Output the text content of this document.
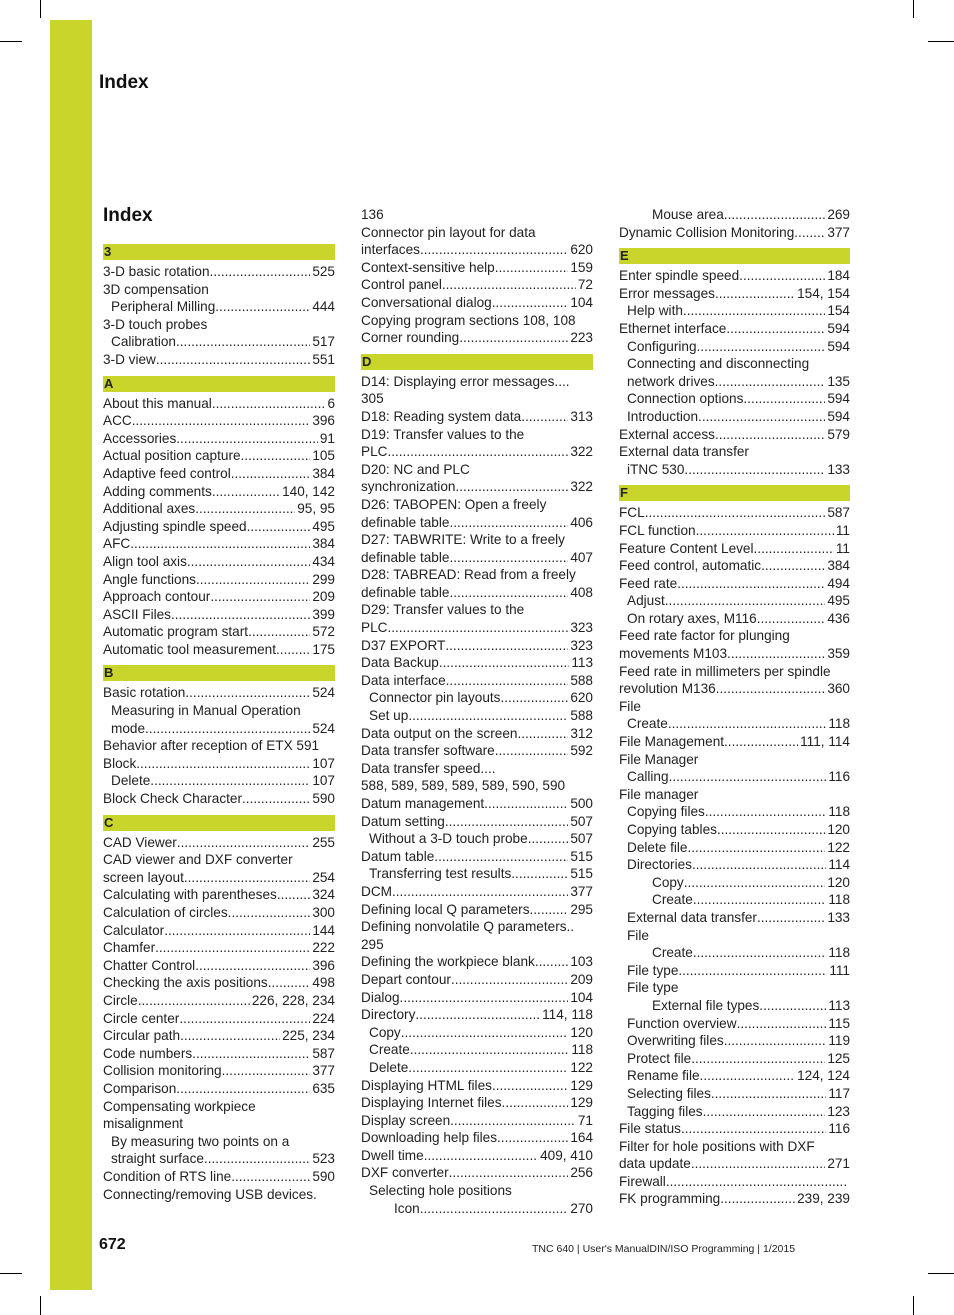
Index
Index
3
3-D basic rotation .....	525
3D compensation
Peripheral Milling .....	444
3-D touch probes
Calibration .....	517
3-D view .....	551
A
About this manual .....	6
ACC .....	396
Accessories .....	91
Actual position capture .....	105
Adaptive feed control .....	384
Adding comments .....	140, 142
Additional axes .....	95, 95
Adjusting spindle speed .....	495
AFC .....	384
Align tool axis .....	434
Angle functions .....	299
Approach contour .....	209
ASCII Files .....	399
Automatic program start .....	572
Automatic tool measurement .....	175
B
Basic rotation .....	524
Measuring in Manual Operation
mode .....	524
Behavior after reception of ETX 591
Block .....	107
Delete .....	107
Block Check Character .....	590
C
CAD Viewer .....	255
CAD viewer and DXF converter
screen layout .....	254
Calculating with parentheses .....	324
Calculation of circles .....	300
Calculator .....	144
Chamfer .....	222
Chatter Control .....	396
Checking the axis positions .....	498
Circle .....	226, 228, 234
Circle center .....	224
Circular path .....	225, 234
Code numbers .....	587
Collision monitoring .....	377
Comparison .....	635
Compensating workpiece
misalignment
By measuring two points on a
straight surface .....	523
Condition of RTS line .....	590
Connecting/removing USB devices.
136
Connector pin layout for data
interfaces .....	620
Context-sensitive help .....	159
Control panel .....	72
Conversational dialog .....	104
Copying program sections 108, 108
Corner rounding .....	223
D
D14: Displaying error messages....
305
D18: Reading system data .....	313
D19: Transfer values to the
PLC .....	322
D20: NC and PLC
synchronization .....	322
D26: TABOPEN: Open a freely
definable table .....	406
D27: TABWRITE: Write to a freely
definable table .....	407
D28: TABREAD: Read from a freely
definable table .....	408
D29: Transfer values to the
PLC .....	323
D37 EXPORT .....	323
Data Backup .....	113
Data interface .....	588
Connector pin layouts .....	620
Set up .....	588
Data output on the screen .....	312
Data transfer software .....	592
Data transfer speed....
588, 589, 589, 589, 589, 590, 590
Datum management .....	500
Datum setting .....	507
Without a 3-D touch probe .....	507
Datum table .....	515
Transferring test results .....	515
DCM .....	377
Defining local Q parameters .....	295
Defining nonvolatile Q parameters..
295
Defining the workpiece blank .....	103
Depart contour .....	209
Dialog .....	104
Directory .....	114, 118
Copy .....	120
Create .....	118
Delete .....	122
Displaying HTML files .....	129
Displaying Internet files .....	129
Display screen .....	71
Downloading help files .....	164
Dwell time .....	409, 410
DXF converter .....	256
Selecting hole positions
Icon .....	270
Mouse area .....	269
Dynamic Collision Monitoring ..... 377
E
Enter spindle speed .....	184
Error messages .....	154, 154
Help with .....	154
Ethernet interface .....	594
Configuring .....	594
Connecting and disconnecting
network drives .....	135
Connection options .....	594
Introduction .....	594
External access .....	579
External data transfer
iTNC 530 .....	133
F
FCL .....	587
FCL function .....	11
Feature Content Level .....	11
Feed control, automatic .....	384
Feed rate .....	494
Adjust .....	495
On rotary axes, M116 .....	436
Feed rate factor for plunging
movements M103 .....	359
Feed rate in millimeters per spindle
revolution M136 .....	360
File
Create .....	118
File Management .....	111, 114
File Manager
Calling .....	116
File manager
Copying files .....	118
Copying tables .....	120
Delete file .....	122
Directories .....	114
Copy .....	120
Create .....	118
External data transfer .....	133
File
Create .....	118
File type .....	111
File type
External file types .....	113
Function overview .....	115
Overwriting files .....	119
Protect file .....	125
Rename file .....	124, 124
Selecting files .....	117
Tagging files .....	123
File status .....	116
Filter for hole positions with DXF
data update .....	271
Firewall
.....
FK programming .....	239, 239
672	TNC 640 | User's ManualDIN/ISO Programming | 1/2015
